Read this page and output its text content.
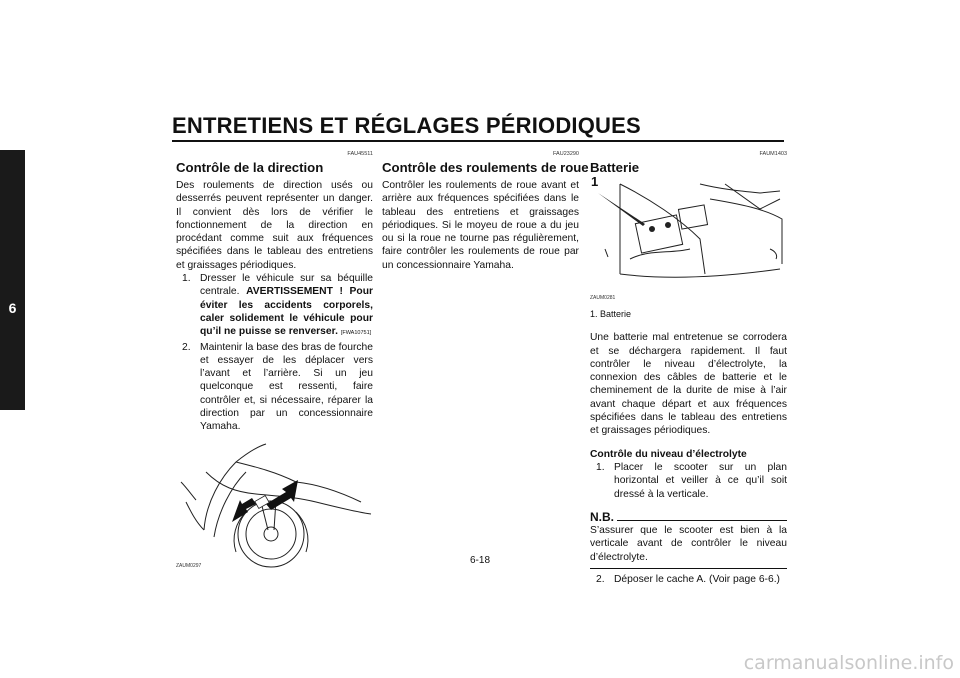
ENTRETIENS ET RÉGLAGES PÉRIODIQUES
6
FAU45511
Contrôle de la direction

Des roulements de direction usés ou desserrés peuvent représenter un danger. Il convient dès lors de vérifier le fonctionnement de la direction en procédant comme suit aux fréquences spécifiées dans le tableau des entretiens et graissages périodiques.

1. Dresser le véhicule sur sa béquille centrale. AVERTISSEMENT ! Pour éviter les accidents corporels, caler solidement le véhicule pour qu’il ne puisse se renverser. [FWA10751]
2. Maintenir la base des bras de fourche et essayer de les déplacer vers l’avant et l’arrière. Si un jeu quelconque est ressenti, faire contrôler et, si nécessaire, réparer la direction par un concessionnaire Yamaha.
ZAUM0297
FAU23290
Contrôle des roulements de roue

Contrôler les roulements de roue avant et arrière aux fréquences spécifiées dans le tableau des entretiens et graissages périodiques. Si le moyeu de roue a du jeu ou si la roue ne tourne pas régulièrement, faire contrôler les roulements de roue par un concessionnaire Yamaha.

FAUM1403
Batterie
1
ZAUM0281
1. Batterie

Une batterie mal entretenue se corrodera et se déchargera rapidement. Il faut contrôler le niveau d’électrolyte, la connexion des câbles de batterie et le cheminement de la durite de mise à l’air avant chaque départ et aux fréquences spécifiées dans le tableau des entretiens et graissages périodiques.

Contrôle du niveau d’électrolyte
1. Placer le scooter sur un plan horizontal et veiller à ce qu’il soit dressé à la verticale.
N.B.

S’assurer que le scooter est bien à la verticale avant de contrôler le niveau d’électrolyte.

2. Déposer le cache A. (Voir page 6-6.)
6-18
carmanualsonline.info
